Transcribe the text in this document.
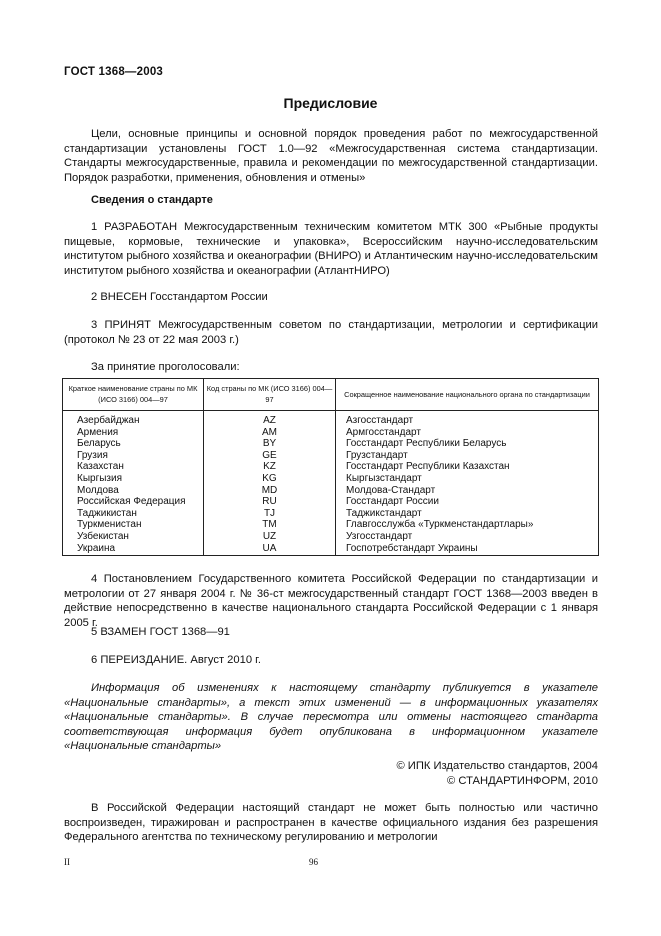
ГОСТ 1368—2003
Предисловие

Цели, основные принципы и основной порядок проведения работ по межгосударственной стандартизации установлены ГОСТ 1.0—92 «Межгосударственная система стандартизации. Стандарты межгосударственные, правила и рекомендации по межгосударственной стандартизации. Порядок разработки, применения, обновления и отмены»

Сведения о стандарте

1 РАЗРАБОТАН Межгосударственным техническим комитетом МТК 300 «Рыбные продукты пищевые, кормовые, технические и упаковка», Всероссийским научно-исследовательским институтом рыбного хозяйства и океанографии (ВНИРО) и Атлантическим научно-исследовательским институтом рыбного хозяйства и океанографии (АтлантНИРО)

2 ВНЕСЕН Госстандартом России

3 ПРИНЯТ Межгосударственным советом по стандартизации, метрологии и сертификации (протокол № 23 от 22 мая 2003 г.)

За принятие проголосовали:
Краткое наименование страны по МК (ИСО 3166) 004—97	Код страны по МК (ИСО 3166) 004—97	Сокращенное наименование национального органа по стандартизации
Азербайджан	AZ	Азгосстандарт
Армения	AM	Армгосстандарт
Беларусь	BY	Госстандарт Республики Беларусь
Грузия	GE	Грузстандарт
Казахстан	KZ	Госстандарт Республики Казахстан
Кыргызия	KG	Кыргызстандарт
Молдова	MD	Молдова-Стандарт
Российская Федерация	RU	Госстандарт России
Таджикистан	TJ	Таджикстандарт
Туркменистан	TM	Главгосслужба «Туркменстандартлары»
Узбекистан	UZ	Узгосстандарт
Украина	UA	Госпотребстандарт Украины

4 Постановлением Государственного комитета Российской Федерации по стандартизации и метрологии от 27 января 2004 г. № 36-ст межгосударственный стандарт ГОСТ 1368—2003 введен в действие непосредственно в качестве национального стандарта Российской Федерации с 1 января 2005 г.

5 ВЗАМЕН ГОСТ 1368—91

6 ПЕРЕИЗДАНИЕ. Август 2010 г.

Информация об изменениях к настоящему стандарту публикуется в указателе «Национальные стандарты», а текст этих изменений — в информационных указателях «Национальные стандарты». В случае пересмотра или отмены настоящего стандарта соответствующая информация будет опубликована в информационном указателе «Национальные стандарты»

© ИПК Издательство стандартов, 2004
© СТАНДАРТИНФОРМ, 2010

В Российской Федерации настоящий стандарт не может быть полностью или частично воспроизведен, тиражирован и распространен в качестве официального издания без разрешения Федерального агентства по техническому регулированию и метрологии

II	96
